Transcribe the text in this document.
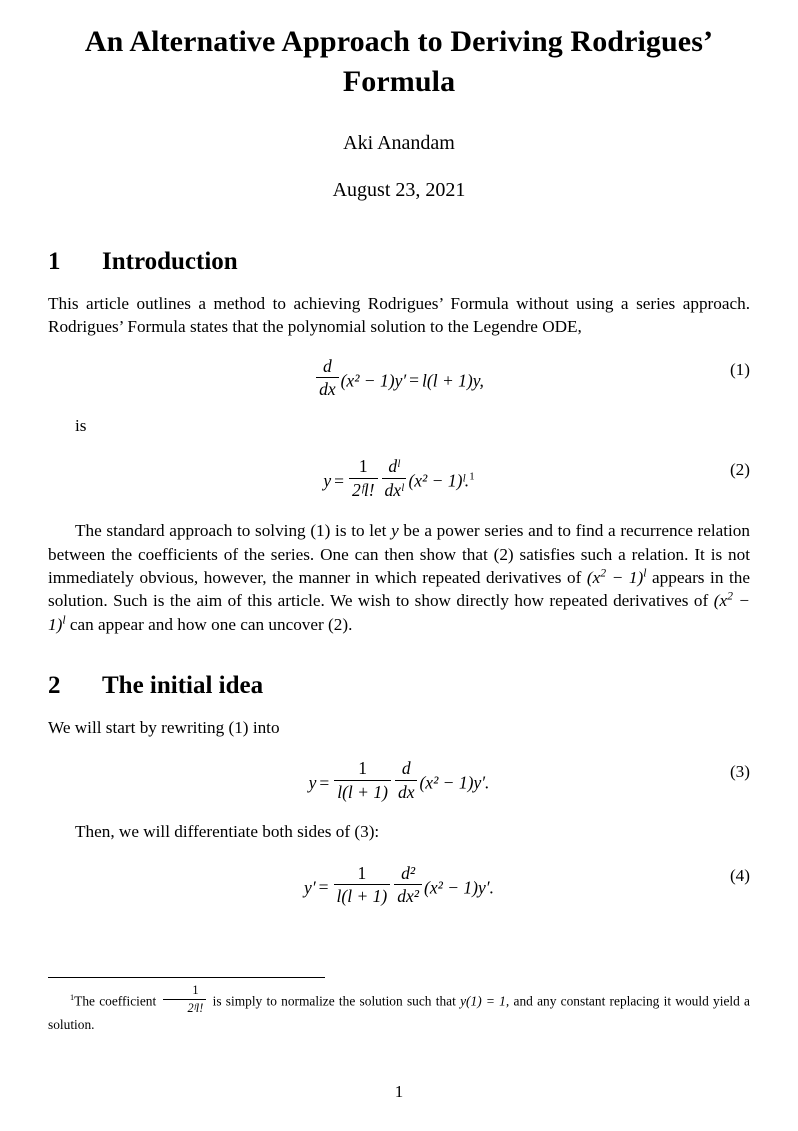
An Alternative Approach to Deriving Rodrigues’ Formula
Aki Anandam
August 23, 2021
1	Introduction

This article outlines a method to achieving Rodrigues’ Formula without using a series approach. Rodrigues’ Formula states that the polynomial solution to the Legendre ODE,

$\frac{d}{dx} (x^2 - 1)y' = l(l + 1)y$,
(1)

is

$y = \frac{1}{\text{2ᶠl!}} \frac{\text{dˡ}}{\text{dxˡ}} (x^2$ − 1)ˡ.$^1$	(2)

The standard approach to solving (1) is to let y be a power series and to find a recurrence relation between the coefficients of the series. One can then show that (2) satisfies such a relation. It is not immediately obvious, however, the manner in which repeated derivatives of $(x^2 - 1)^l$ appears in the solution. Such is the aim of this article. We wish to show directly how repeated derivatives of $(x^2 - 1)^l$ can appear and how one can uncover (2).

2	The initial idea

We will start by rewriting (1) into

$y = \frac{1}{l(l + 1)} \frac{d}{dx} (x^2 - 1)y'$.
(3)

Then, we will differentiate both sides of (3):

$y' = \frac{1}{l(l + 1)} \frac{\text{d²}}{\text{dx²}} (x^2 - 1)y'$.
(4)

$^1$The coefficient $\frac{1}{\text{2ᶠl!}}$ is simply to normalize the solution such that y(1) = 1, and any constant replacing it would yield a solution.

1
